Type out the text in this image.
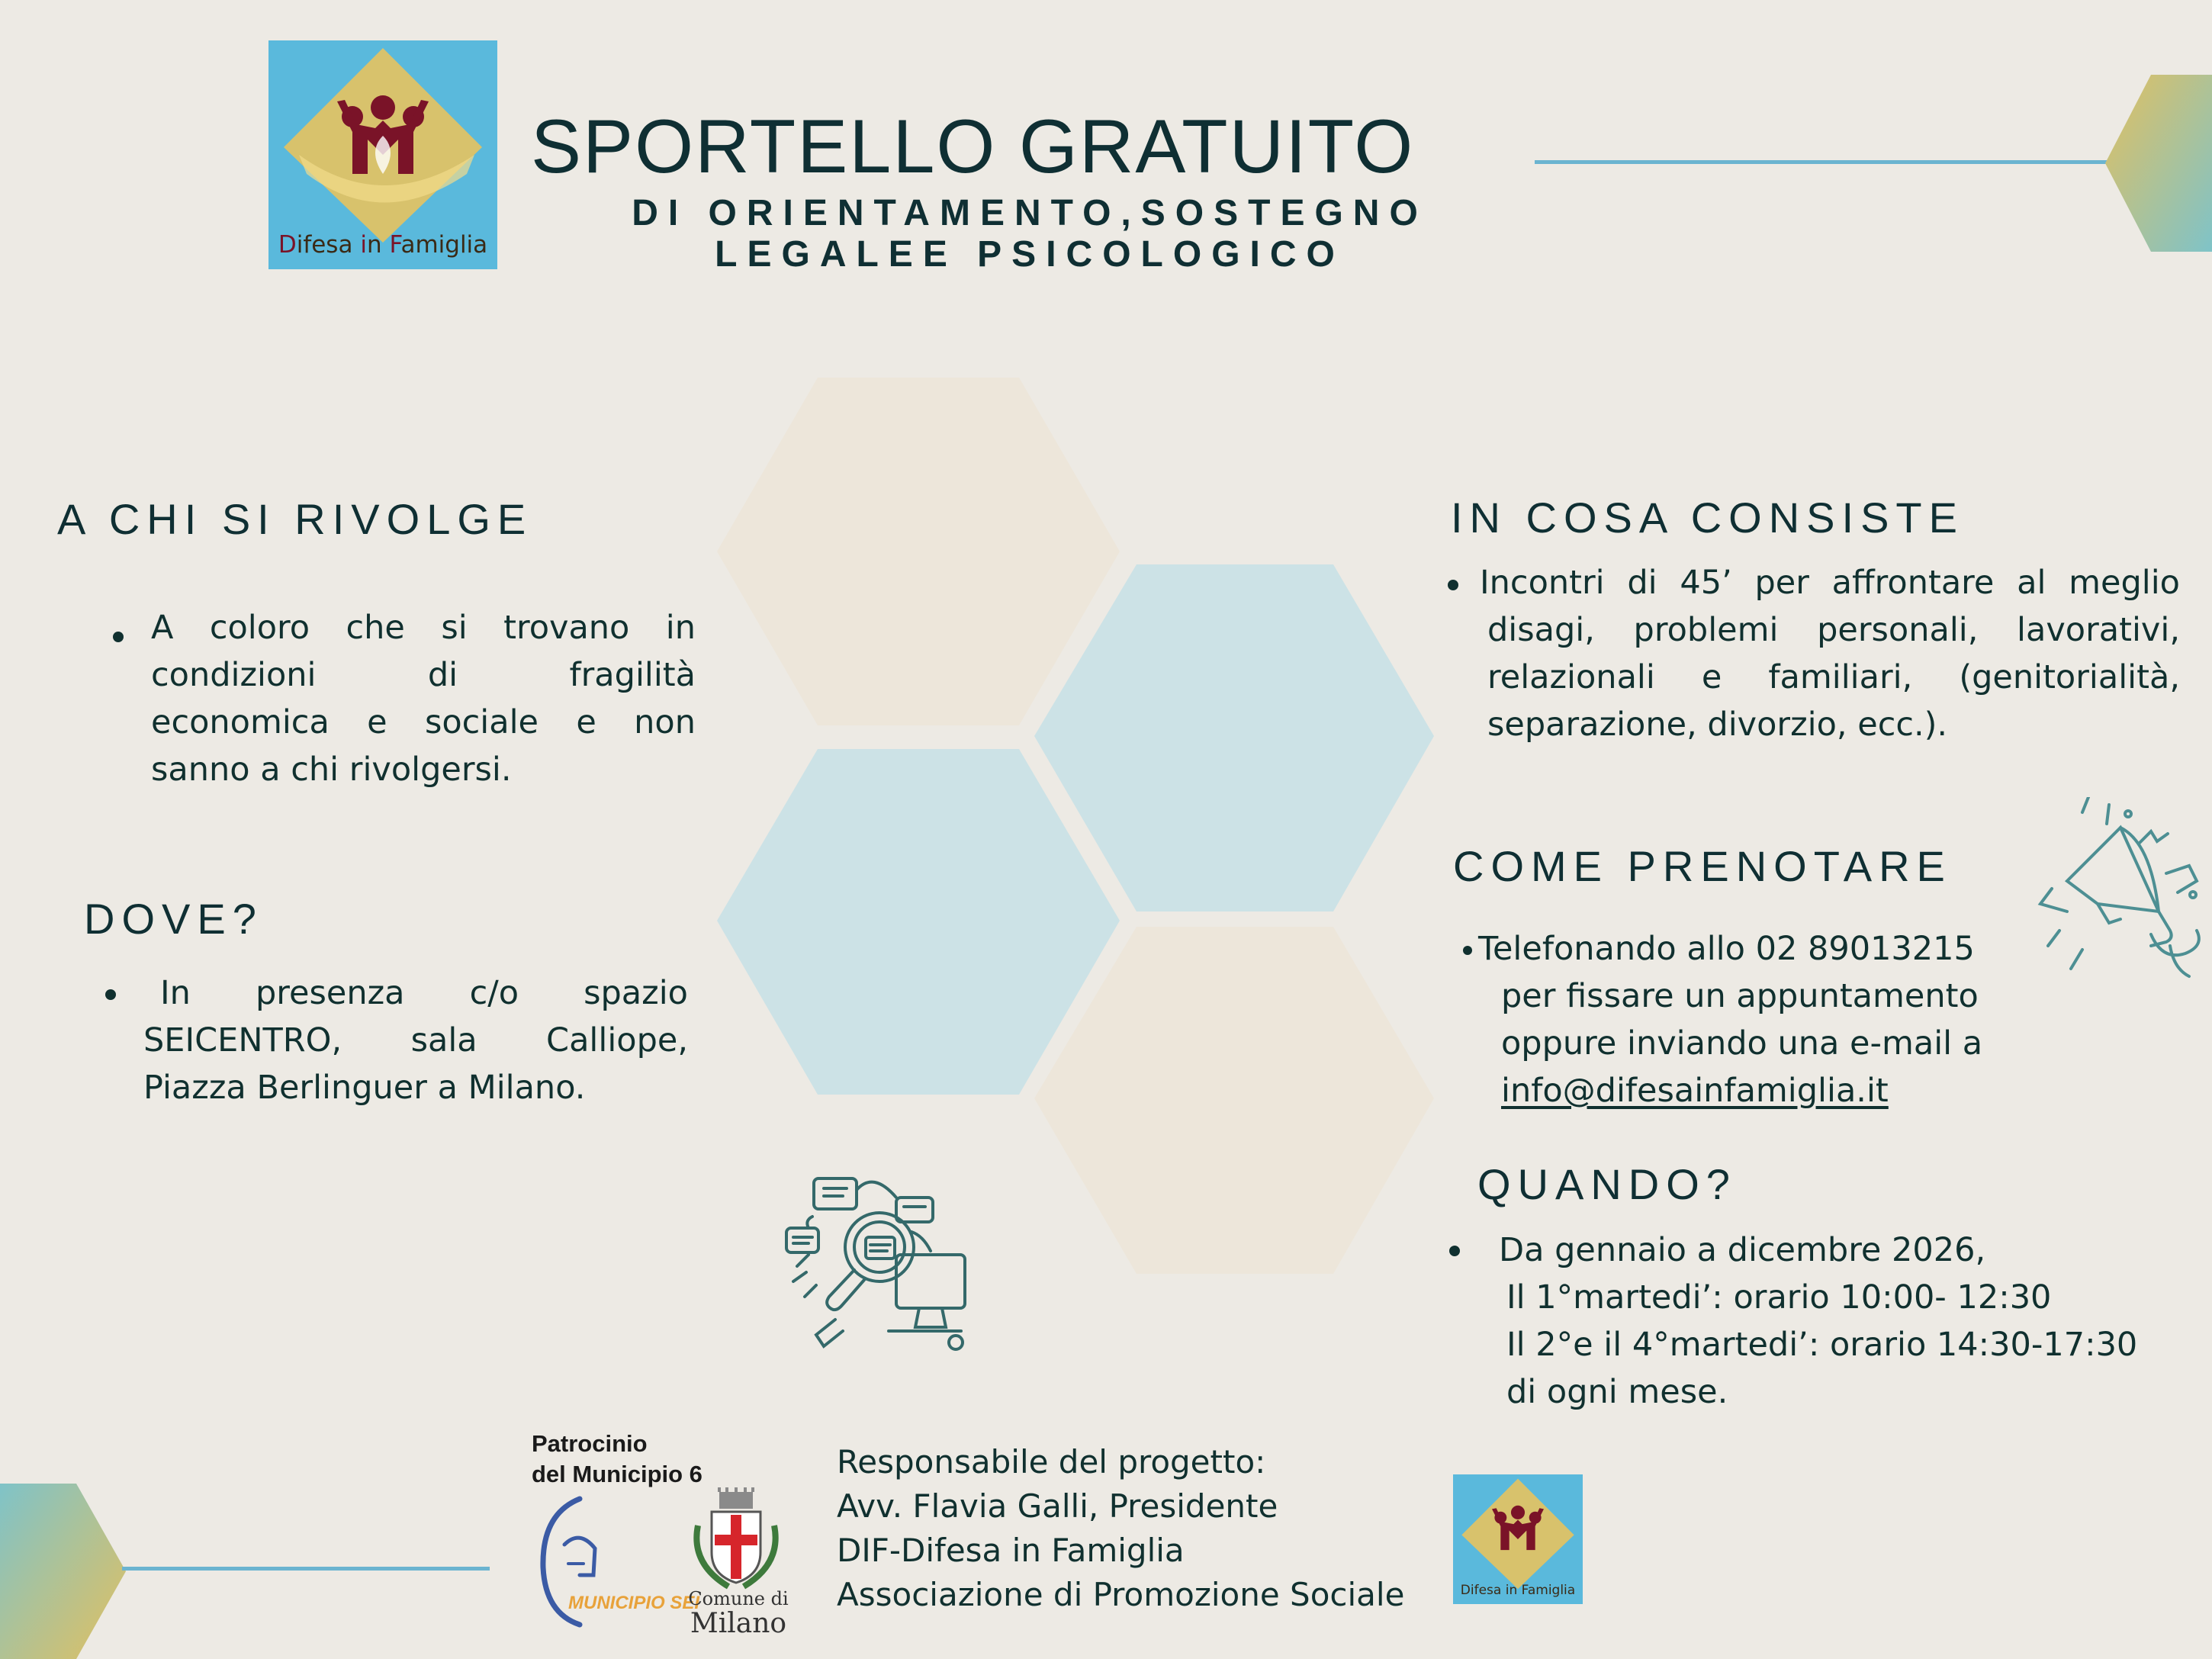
Difesa in Famiglia
SPORTELLO GRATUITO
DI ORIENTAMENTO,SOSTEGNO
LEGALEE PSICOLOGICO
A CHI SI RIVOLGE
A coloro che si trovano in
condizioni di fragilità
economica e sociale e non
sanno a chi rivolgersi.
DOVE?
In presenza c/o spazio
SEICENTRO, sala Calliope,
Piazza Berlinguer a Milano.
IN COSA CONSISTE
Incontri di 45’ per affrontare al meglio
disagi, problemi personali, lavorativi,
relazionali e familiari, (genitorialità,
separazione, divorzio, ecc.).
COME PRENOTARE
Telefonando allo 02 89013215
per fissare un appuntamento
oppure inviando una e-mail a
info@difesainfamiglia.it
QUANDO?
Da gennaio a dicembre 2026,
Il 1°martedi’: orario 10:00- 12:30
Il 2°e il 4°martedi’: orario 14:30-17:30
di ogni mese.
Patrocinio
del Municipio 6
MUNICIPIO SEI
Comune di
Milano
Responsabile del progetto:
Avv. Flavia Galli, Presidente
DIF-Difesa in Famiglia
Associazione di Promozione Sociale	Difesa in Famiglia
